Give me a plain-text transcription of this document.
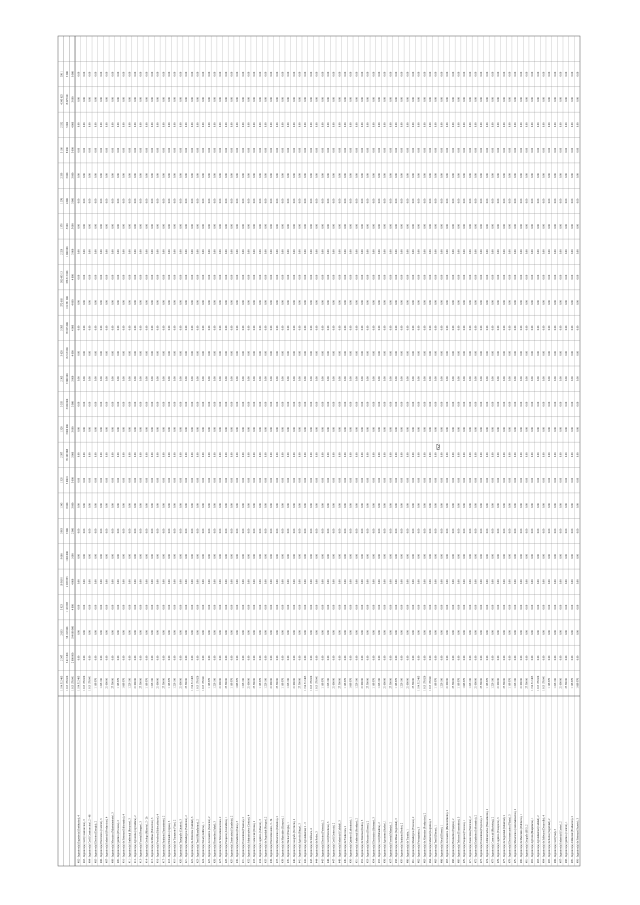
1 194 512 403
2 347
2 633
5 923
18 903 9
9 000
3 893
1 345
1 329
2 387
1 328
3 335
2 305
3 028
3 385
372 005
382 495 13
2 329
1 379
1 376
2 339
3 109
2 332
4 343 025
330 1
1 013 176 020
3 413 490
98 103 000
1 128 983
2 035 893
1 000 000
9 000
8 000
3 000 0
99 209 068
3 000 000
3 000 000
9 000 000
16 313 000
99 095 000
116 381 000
336 513 000
1 000 000
5 000
4 000
3 000
8 000
5 000
18 073 001
9 000
1 013 176 041
2 000 000
194 000 000
4 000
4 000
1 000
2 000
3 000
3 000
3 000
3 000
3 000
3 000
4 000
4 000
4 000
4 000
5 000
5 000
3 000
3 000
3 000
4 000
3 000
0 000
402 - Ingeniero(a) (Ingenieria) (Institucion), 4
1 194 512 403
0.00
0.00
0.00
0.00
0.00
0.00
0.00
0.00
0.00
0.00
0.00
0.00
0.00
0.00
0.00
0.00
0.00
0.00
0.00
0.00
0.00
0.00
0.00
0.00
403 - Ingeniero(a) Civil (Construccion), 3
1 013 176 020
0.00
0.00
0.00
0.00
0.00
0.00
0.00
0.00
0.00
0.00
0.00
0.00
0.00
0.00
0.00
0.00
0.00
0.00
0.00
0.00
0.00
0.00
0.00
0.00
404 - Ingeniero(a) Civil (Construccion), 2 - 46
1 013 176 041
0.00
0.00
0.00
0.00
0.00
0.00
0.00
0.00
0.00
0.00
0.00
0.00
0.00
0.00
0.00
0.00
0.00
0.00
0.00
0.00
0.00
0.00
0.00
0.00
405 - Ingeniero(a) Electrico (Energia), 2
1 108 976
0.00
0.00
0.00
0.00
0.00
0.00
0.00
0.00
0.00
0.00
0.00
0.00
0.00
0.00
0.00
0.00
0.00
0.00
0.00
0.00
0.00
0.00
0.00
0.00
406 - Ingeniero(a) Electronico (Control), 3
1 228 100
0.00
0.00
0.00
0.00
0.00
0.00
0.00
0.00
0.00
0.00
0.00
0.00
0.00
0.00
0.00
0.00
0.00
0.00
0.00
0.00
0.00
0.00
0.00
0.00
407 - Ingeniero(a) Industrial (Produccion), 4
21 000 00
0.00
0.00
0.00
0.00
0.00
0.00
0.00
0.00
0.00
0.00
0.00
0.00
0.00
0.00
0.00
0.00
0.00
0.00
0.00
0.00
0.00
0.00
0.00
0.00
408 - Ingeniero(a) Mecanico (Mantenimiento), 3
27 500 00
0.00
0.00
0.00
0.00
0.00
0.00
0.00
0.00
0.00
0.00
0.00
0.00
0.00
0.00
0.00
0.00
0.00
0.00
0.00
0.00
0.00
0.00
0.00
0.00
409 - Ingeniero(a) Quimico (Procesos), 2
1 108 976
0.00
0.00
0.00
0.00
0.00
0.00
0.00
0.00
0.00
0.00
0.00
0.00
0.00
0.00
0.00
0.00
0.00
0.00
0.00
0.00
0.00
0.00
0.00
0.00
410 - Ingeniero(a) de Sistemas (Informatica), 4
1 008 976
0.00
0.00
0.00
0.00
0.00
0.00
0.00
0.00
0.00
0.00
0.00
0.00
0.00
0.00
0.00
0.00
0.00
0.00
0.00
0.00
0.00
0.00
0.00
0.00
411 - Ingeniero(a) Ambiental (Recursos), 3
1 228 100
0.00
0.00
0.00
0.00
0.00
0.00
0.00
0.00
0.00
0.00
0.00
0.00
0.00
0.00
0.00
0.00
0.00
0.00
0.00
0.00
0.00
0.00
0.00
0.00
412 - Ingeniero(a) Agronomo (Agricultura), 2
21 000 00
0.00
0.00
0.00
0.00
0.00
0.00
0.00
0.00
0.00
0.00
0.00
0.00
0.00
0.00
0.00
0.00
0.00
0.00
0.00
0.00
0.00
0.00
0.00
0.00
413 - Ingeniero(a) Forestal (Bosques), 3
27 500 00
0.00
0.00
0.00
0.00
0.00
0.00
0.00
0.00
0.00
0.00
0.00
0.00
0.00
0.00
0.00
0.00
0.00
0.00
0.00
0.00
0.00
0.00
0.00
0.00
414 - Ingeniero(a) Geologo (Mineria), 2 - 2b
1 108 976
0.00
0.00
0.00
0.00
0.00
0.00
0.00
0.00
0.00
0.00
0.00
0.00
0.00
0.00
0.00
0.00
0.00
0.00
0.00
0.00
0.00
0.00
0.00
0.00
415 - Ingeniero(a) de Minas (Extraccion), 3
1 228 100
0.00
0.00
0.00
0.00
0.00
0.00
0.00
0.00
0.00
0.00
0.00
0.00
0.00
0.00
0.00
0.00
0.00
0.00
0.00
0.00
0.00
0.00
0.00
0.00
416 - Ingeniero(a) Petrolero (Hidrocarburos), 4
21 000 00
0.00
0.00
0.00
0.00
0.00
0.00
0.00
0.00
0.00
0.00
0.00
0.00
0.00
0.00
0.00
0.00
0.00
0.00
0.00
0.00
0.00
0.00
0.00
0.00
417 - Ingeniero(a) Sanitario (Saneamiento), 2
27 500 00
0.00
0.00
0.00
0.00
0.00
0.00
0.00
0.00
0.00
0.00
0.00
0.00
0.00
0.00
0.00
0.00
0.00
0.00
0.00
0.00
0.00
0.00
0.00
0.00
418 - Ingeniero(a) Hidraulico (Aguas), 3
1 108 976
0.00
0.00
0.00
0.00
0.00
0.00
0.00
0.00
0.00
0.00
0.00
0.00
0.00
0.00
0.00
0.00
0.00
0.00
0.00
0.00
0.00
0.00
0.00
0.00
419 - Ingeniero(a) de Transporte (Vias), 2
1 228 100
0.00
0.00
0.00
0.00
0.00
0.00
0.00
0.00
0.00
0.00
0.00
0.00
0.00
0.00
0.00
0.00
0.00
0.00
0.00
0.00
0.00
0.00
0.00
0.00
420 - Ingeniero(a) Topografo (Catastro), 3
21 000 00
0.00
0.00
0.00
0.00
0.00
0.00
0.00
0.00
0.00
0.00
0.00
0.00
0.00
0.00
0.00
0.00
0.00
0.00
0.00
0.00
0.00
0.00
0.00
0.00
421 - Ingeniero(a) Metalurgico (Fundicion), 2
27 500 00
0.00
0.00
0.00
0.00
0.00
0.00
0.00
0.00
0.00
0.00
0.00
0.00
0.00
0.00
0.00
0.00
0.00
0.00
0.00
0.00
0.00
0.00
0.00
0.00
422 - Ingeniero(a) de Alimentos (Calidad), 3
1 194 512 403
0.00
0.00
0.00
0.00
0.00
0.00
0.00
0.00
0.00
0.00
0.00
0.00
0.00
0.00
0.00
0.00
0.00
0.00
0.00
0.00
0.00
0.00
0.00
0.00
423 - Ingeniero(a) Textil (Manufactura), 2
1 013 176 020
0.00
0.00
0.00
0.00
0.00
0.00
0.00
0.00
0.00
0.00
0.00
0.00
0.00
0.00
0.00
0.00
0.00
0.00
0.00
0.00
0.00
0.00
0.00
0.00
424 - Ingeniero(a) Naval (Astilleros), 1
1 013 176 041
0.00
0.00
0.00
0.00
0.00
0.00
0.00
0.00
0.00
0.00
0.00
0.00
0.00
0.00
0.00
0.00
0.00
0.00
0.00
0.00
0.00
0.00
0.00
0.00
425 - Ingeniero(a) Aeronautico (Aviacion), 2
1 108 976
0.00
0.00
0.00
0.00
0.00
0.00
0.00
0.00
0.00
0.00
0.00
0.00
0.00
0.00
0.00
0.00
0.00
0.00
0.00
0.00
0.00
0.00
0.00
0.00
426 - Ingeniero(a) Biomedico (Salud), 3
1 228 100
0.00
0.00
0.00
0.00
0.00
0.00
0.00
0.00
0.00
0.00
0.00
0.00
0.00
0.00
0.00
0.00
0.00
0.00
0.00
0.00
0.00
0.00
0.00
0.00
427 - Ingeniero(a) de Telecomunicaciones, 2
21 000 00
0.00
0.00
0.00
0.00
0.00
0.00
0.00
0.00
0.00
0.00
0.00
0.00
0.00
0.00
0.00
0.00
0.00
0.00
0.00
0.00
0.00
0.00
0.00
0.00
428 - Ingeniero(a) Pesquero (Acuicultura), 1
27 500 00
0.00
0.00
0.00
0.00
0.00
0.00
0.00
0.00
0.00
0.00
0.00
0.00
0.00
0.00
0.00
0.00
0.00
0.00
0.00
0.00
0.00
0.00
0.00
0.00
429 - Ingeniero(a) Zootecnista (Ganaderia), 2
1 108 976
0.00
0.00
0.00
0.00
0.00
0.00
0.00
0.00
0.00
0.00
0.00
0.00
0.00
0.00
0.00
0.00
0.00
0.00
0.00
0.00
0.00
0.00
0.00
0.00
430 - Ingeniero(a) Estadistico (Datos), 3
1 008 976
0.00
0.00
0.00
0.00
0.00
0.00
0.00
0.00
0.00
0.00
0.00
0.00
0.00
0.00
0.00
0.00
0.00
0.00
0.00
0.00
0.00
0.00
0.00
0.00
431 - Ingeniero(a) Economista (Finanzas), 2
1 228 100
0.00
0.00
0.00
0.00
0.00
0.00
0.00
0.00
0.00
0.00
0.00
0.00
0.00
0.00
0.00
0.00
0.00
0.00
0.00
0.00
0.00
0.00
0.00
0.00
432 - Ingeniero(a) Administrativo (Gestion), 4
21 000 00
0.00
0.00
0.00
0.00
0.00
0.00
0.00
0.00
0.00
0.00
0.00
0.00
0.00
0.00
0.00
0.00
0.00
0.00
0.00
0.00
0.00
0.00
0.00
0.00
433 - Ingeniero(a) Comercial (Ventas), 2
27 500 00
0.00
0.00
0.00
0.00
0.00
0.00
0.00
0.00
0.00
0.00
0.00
0.00
0.00
0.00
0.00
0.00
0.00
0.00
0.00
0.00
0.00
0.00
0.00
0.00
434 - Ingeniero(a) Logistico (Almacen), 3
1 108 976
0.00
0.00
0.00
0.00
0.00
0.00
0.00
0.00
0.00
0.00
0.00
0.00
0.00
0.00
0.00
0.00
0.00
0.00
0.00
0.00
0.00
0.00
0.00
0.00
435 - Ingeniero(a) de Seguridad (Riesgos), 2
1 228 100
0.00
0.00
0.00
0.00
0.00
0.00
0.00
0.00
0.00
0.00
0.00
0.00
0.00
0.00
0.00
0.00
0.00
0.00
0.00
0.00
0.00
0.00
0.00
0.00
436 - Ingeniero(a) Electromecanico, 3 - 34
21 000 00
0.00
0.00
0.00
0.00
0.00
0.00
0.00
0.00
0.00
0.00
0.00
0.00
0.00
0.00
0.00
0.00
0.00
0.00
0.00
0.00
0.00
0.00
0.00
0.00
437 - Ingeniero(a) Mecatronico (Robotica), 2
27 500 00
0.00
0.00
0.00
0.00
0.00
0.00
0.00
0.00
0.00
0.00
0.00
0.00
0.00
0.00
0.00
0.00
0.00
0.00
0.00
0.00
0.00
0.00
0.00
0.00
438 - Ingeniero(a) de Materiales (Ensayos), 1
1 108 976
0.00
0.00
0.00
0.00
0.00
0.00
0.00
0.00
0.00
0.00
0.00
0.00
0.00
0.00
0.00
0.00
0.00
0.00
0.00
0.00
0.00
0.00
0.00
0.00
439 - Ingeniero(a) Nuclear (Energia), 1
1 228 100
0.00
0.00
0.00
0.00
0.00
0.00
0.00
0.00
0.00
0.00
0.00
0.00
0.00
0.00
0.00
0.00
0.00
0.00
0.00
0.00
0.00
0.00
0.00
0.00
440 - Ingeniero(a) Geografo (Territorio), 2
21 000 00
0.00
0.00
0.00
0.00
0.00
0.00
0.00
0.00
0.00
0.00
0.00
0.00
0.00
0.00
0.00
0.00
0.00
0.00
0.00
0.00
0.00
0.00
0.00
0.00
441 - Ingeniero(a) Agricola (Riego), 3
27 500 00
0.00
0.00
0.00
0.00
0.00
0.00
0.00
0.00
0.00
0.00
0.00
0.00
0.00
0.00
0.00
0.00
0.00
0.00
0.00
0.00
0.00
0.00
0.00
0.00
442 - Ingeniero(a) Agroindustrial, 2 - 3
1 194 512 403
0.00
0.00
0.00
0.00
0.00
0.00
0.00
0.00
0.00
0.00
0.00
0.00
0.00
0.00
0.00
0.00
0.00
0.00
0.00
0.00
0.00
0.00
0.00
0.00
443 - Ingeniero(a) de Software, 4
1 013 176 020
0.00
0.00
0.00
0.00
0.00
0.00
0.00
0.00
0.00
0.00
0.00
0.00
0.00
0.00
0.00
0.00
0.00
0.00
0.00
0.00
0.00
0.00
0.00
0.00
444 - Ingeniero(a) de Redes, 3
1 013 176 041
0.00
0.00
0.00
0.00
0.00
0.00
0.00
0.00
0.00
0.00
0.00
0.00
0.00
0.00
0.00
0.00
0.00
0.00
0.00
0.00
0.00
0.00
0.00
0.00
445 - Ingeniero(a) Electrico (Potencia), 2
1 108 976
0.00
0.00
0.00
0.00
0.00
0.00
0.00
0.00
0.00
0.00
0.00
0.00
0.00
0.00
0.00
0.00
0.00
0.00
0.00
0.00
0.00
0.00
0.00
0.00
446 - Ingeniero(a) Civil (Estructuras), 3
1 228 100
0.00
0.00
0.00
0.00
0.00
0.00
0.00
0.00
0.00
0.00
0.00
0.00
0.00
0.00
0.00
0.00
0.00
0.00
0.00
0.00
0.00
0.00
0.00
0.00
447 - Ingeniero(a) Civil (Geotecnia), 2
21 000 00
0.00
0.00
0.00
0.00
0.00
0.00
0.00
0.00
0.00
0.00
0.00
0.00
0.00
0.00
0.00
0.00
0.00
0.00
0.00
0.00
0.00
0.00
0.00
0.00
448 - Ingeniero(a) Industrial (Calidad), 3
27 500 00
0.00
0.00
0.00
0.00
0.00
0.00
0.00
0.00
0.00
0.00
0.00
0.00
0.00
0.00
0.00
0.00
0.00
0.00
0.00
0.00
0.00
0.00
0.00
0.00
449 - Ingeniero(a) de Produccion, 2
1 108 976
0.00
0.00
0.00
0.00
0.00
0.00
0.00
0.00
0.00
0.00
0.00
0.00
0.00
0.00
0.00
0.00
0.00
0.00
0.00
0.00
0.00
0.00
0.00
0.00
450 - Ingeniero(a) Quimico (Laboratorio), 1
1 008 976
0.00
0.00
0.00
0.00
0.00
0.00
0.00
0.00
0.00
0.00
0.00
0.00
0.00
0.00
0.00
0.00
0.00
0.00
0.00
0.00
0.00
0.00
0.00
0.00
451 - Ingeniero(a) Ambiental (Residuos), 2
1 228 100
0.00
0.00
0.00
0.00
0.00
0.00
0.00
0.00
0.00
0.00
0.00
0.00
0.00
0.00
0.00
0.00
0.00
0.00
0.00
0.00
0.00
0.00
0.00
0.00
452 - Ingeniero(a) de Sistemas (Redes), 3
21 000 00
0.00
0.00
0.00
0.00
0.00
0.00
0.00
0.00
0.00
0.00
0.00
0.00
0.00
0.00
0.00
0.00
0.00
0.00
0.00
0.00
0.00
0.00
0.00
0.00
453 - Ingeniero(a) Mecanico (Diseno), 2
27 500 00
0.00
0.00
0.00
0.00
0.00
0.00
0.00
0.00
0.00
0.00
0.00
0.00
0.00
0.00
0.00
0.00
0.00
0.00
0.00
0.00
0.00
0.00
0.00
0.00
454 - Ingeniero(a) Electronico (Sistemas), 3
1 108 976
0.00
0.00
0.00
0.00
0.00
0.00
0.00
0.00
0.00
0.00
0.00
0.00
0.00
0.00
0.00
0.00
0.00
0.00
0.00
0.00
0.00
0.00
0.00
0.00
455 - Ingeniero(a) Civil (Hidraulica), 2
1 228 100
0.00
0.00
0.00
0.00
0.00
0.00
0.00
0.00
0.00
0.00
0.00
0.00
0.00
0.00
0.00
0.00
0.00
0.00
0.00
0.00
0.00
0.00
0.00
0.00
456 - Ingeniero(a) Agronomo (Suelos), 1
21 000 00
0.00
0.00
0.00
0.00
0.00
0.00
0.00
0.00
0.00
0.00
0.00
0.00
0.00
0.00
0.00
0.00
0.00
0.00
0.00
0.00
0.00
0.00
0.00
0.00
457 - Ingeniero(a) Forestal (Manejo), 2
27 500 00
0.00
0.00
0.00
0.00
0.00
0.00
0.00
0.00
0.00
0.00
0.00
0.00
0.00
0.00
0.00
0.00
0.00
0.00
0.00
0.00
0.00
0.00
0.00
0.00
458 - Ingeniero(a) de Minas (Seguridad), 3
1 108 976
0.00
0.00
0.00
0.00
0.00
0.00
0.00
0.00
0.00
0.00
0.00
0.00
0.00
0.00
0.00
0.00
0.00
0.00
0.00
0.00
0.00
0.00
0.00
0.00
459 - Ingeniero(a) Sanitario (Redes), 2
1 228 100
0.00
0.00
0.00
0.00
0.00
0.00
0.00
0.00
0.00
0.00
0.00
0.00
0.00
0.00
0.00
0.00
0.00
0.00
0.00
0.00
0.00
0.00
0.00
0.00
460 - Ingeniero(a) de Transito, 1
21 000 00
0.00
0.00
0.00
0.00
0.00
0.00
0.00
0.00
0.00
0.00
0.00
0.00
0.00
0.00
0.00
0.00
0.00
0.00
0.00
0.00
0.00
0.00
0.00
0.00
461 - Ingeniero(a) Metalurgico (Procesos), 2
27 500 00
0.00
0.00
0.00
0.00
0.00
0.00
0.00
0.00
0.00
0.00
0.00
0.00
0.00
0.00
0.00
0.00
0.00
0.00
0.00
0.00
0.00
0.00
0.00
0.00
462 - Ingeniero(a) Petroquimico, 3
1 194 512 403
0.00
0.00
0.00
0.00
0.00
0.00
0.00
0.00
0.00
0.00
0.00
0.00
0.00
0.00
0.00
0.00
0.00
0.00
0.00
0.00
0.00
0.00
0.00
0.00
463 - Ingeniero(a) de Alimentos (Produccion), 2
1 013 176 020
0.00
0.00
0.00
0.00
0.00
0.00
0.00
0.00
0.00
0.00
0.00
0.00
0.00
0.00
0.00
0.00
0.00
0.00
0.00
0.00
0.00
0.00
0.00
0.00
464 - Ingeniero(a) Industrial (Logistica), 3
1 013 176 041
0.00
0.00
0.00
0.00
0.00
0.00
0.00
0.00
0.00
0.00
0.00
0.00
0.00
0.00
0.00
0.00
0.00
0.00
0.00
0.00
0.00
0.00
0.00
0.00
465 - Ingeniero(a) Textil (Diseno), 1
1 108 976
0.00
0.00
0.00
0.00
0.00
0.00
0.00
0.00
0.00
0.00
0.00
0.00
0.00
0.00
0.00
0.00
0.00
0.00
0.00
0.00
0.00
0.00
0.00
0.00
466 - Ingeniero(a) Naval (Diseno), 1
1 228 100
0.00
0.00
0.00
0.00
0.00
0.00
0.00
0.00
0.00
0.00
0.00
0.00
0.00
0.00
0.00
0.00
0.00
0.00
0.00
0.00
0.00
0.00
0.00
0.00
467 - Ingeniero(a) Aeronautico (Mantenimiento), 2
21 000 00
0.00
0.00
0.00
0.00
0.00
0.00
0.00
0.00
0.00
0.00
0.00
0.00
0.00
0.00
0.00
0.00
0.00
0.00
0.00
0.00
0.00
0.00
0.00
0.00
468 - Ingeniero(a) Biomedico (Equipos), 2
27 500 00
0.00
0.00
0.00
0.00
0.00
0.00
0.00
0.00
0.00
0.00
0.00
0.00
0.00
0.00
0.00
0.00
0.00
0.00
0.00
0.00
0.00
0.00
0.00
0.00
469 - Ingeniero(a) Telecom (Transmision), 3
1 108 976
0.00
0.00
0.00
0.00
0.00
0.00
0.00
0.00
0.00
0.00
0.00
0.00
0.00
0.00
0.00
0.00
0.00
0.00
0.00
0.00
0.00
0.00
0.00
0.00
470 - Ingeniero(a) Pesquero (Procesos), 1
1 008 976
0.00
0.00
0.00
0.00
0.00
0.00
0.00
0.00
0.00
0.00
0.00
0.00
0.00
0.00
0.00
0.00
0.00
0.00
0.00
0.00
0.00
0.00
0.00
0.00
471 - Ingeniero(a) Zootecnista (Nutricion), 2
1 228 100
0.00
0.00
0.00
0.00
0.00
0.00
0.00
0.00
0.00
0.00
0.00
0.00
0.00
0.00
0.00
0.00
0.00
0.00
0.00
0.00
0.00
0.00
0.00
0.00
472 - Ingeniero(a) Estadistico (Informatica), 2
21 000 00
0.00
0.00
0.00
0.00
0.00
0.00
0.00
0.00
0.00
0.00
0.00
0.00
0.00
0.00
0.00
0.00
0.00
0.00
0.00
0.00
0.00
0.00
0.00
0.00
473 - Ingeniero(a) Economista (Proyectos), 3
27 500 00
0.00
0.00
0.00
0.00
0.00
0.00
0.00
0.00
0.00
0.00
0.00
0.00
0.00
0.00
0.00
0.00
0.00
0.00
0.00
0.00
0.00
0.00
0.00
0.00
474 - Ingeniero(a) Administrativo (Planeamiento), 2
1 108 976
0.00
0.00
0.00
0.00
0.00
0.00
0.00
0.00
0.00
0.00
0.00
0.00
0.00
0.00
0.00
0.00
0.00
0.00
0.00
0.00
0.00
0.00
0.00
0.00
475 - Ingeniero(a) Comercial (Marketing), 2
1 228 100
0.00
0.00
0.00
0.00
0.00
0.00
0.00
0.00
0.00
0.00
0.00
0.00
0.00
0.00
0.00
0.00
0.00
0.00
0.00
0.00
0.00
0.00
0.00
0.00
476 - Ingeniero(a) Logistico (Transporte), 3
21 000 00
0.00
0.00
0.00
0.00
0.00
0.00
0.00
0.00
0.00
0.00
0.00
0.00
0.00
0.00
0.00
0.00
0.00
0.00
0.00
0.00
0.00
0.00
0.00
0.00
477 - Ingeniero(a) de Seguridad (Industrial), 2
27 500 00
0.00
0.00
0.00
0.00
0.00
0.00
0.00
0.00
0.00
0.00
0.00
0.00
0.00
0.00
0.00
0.00
0.00
0.00
0.00
0.00
0.00
0.00
0.00
0.00
478 - Ingeniero(a) Electromecanico (Planta), 3
1 108 976
0.00
0.00
0.00
0.00
0.00
0.00
0.00
0.00
0.00
0.00
0.00
0.00
0.00
0.00
0.00
0.00
0.00
0.00
0.00
0.00
0.00
0.00
0.00
0.00
479 - Ingeniero(a) Mecatronico (Automatizacion), 2
1 228 100
0.00
0.00
0.00
0.00
0.00
0.00
0.00
0.00
0.00
0.00
0.00
0.00
0.00
0.00
0.00
0.00
0.00
0.00
0.00
0.00
0.00
0.00
0.00
0.00
480 - Ingeniero(a) de Materiales (Polimeros), 1
21 000 00
0.00
0.00
0.00
0.00
0.00
0.00
0.00
0.00
0.00
0.00
0.00
0.00
0.00
0.00
0.00
0.00
0.00
0.00
0.00
0.00
0.00
0.00
0.00
0.00
481 - Ingeniero(a) Geografo (SIG), 2
27 500 00
0.00
0.00
0.00
0.00
0.00
0.00
0.00
0.00
0.00
0.00
0.00
0.00
0.00
0.00
0.00
0.00
0.00
0.00
0.00
0.00
0.00
0.00
0.00
0.00
482 - Ingeniero(a) Agricola (Maquinaria), 1
1 194 512 403
0.00
0.00
0.00
0.00
0.00
0.00
0.00
0.00
0.00
0.00
0.00
0.00
0.00
0.00
0.00
0.00
0.00
0.00
0.00
0.00
0.00
0.00
0.00
0.00
483 - Ingeniero(a) Agroindustrial (Calidad), 2
1 013 176 020
0.00
0.00
0.00
0.00
0.00
0.00
0.00
0.00
0.00
0.00
0.00
0.00
0.00
0.00
0.00
0.00
0.00
0.00
0.00
0.00
0.00
0.00
0.00
0.00
484 - Ingeniero(a) de Software (Desarrollo), 4
1 013 176 041
0.00
0.00
0.00
0.00
0.00
0.00
0.00
0.00
0.00
0.00
0.00
0.00
0.00
0.00
0.00
0.00
0.00
0.00
0.00
0.00
0.00
0.00
0.00
0.00
485 - Ingeniero(a) de Redes (Seguridad), 2
1 108 976
0.00
0.00
0.00
0.00
0.00
0.00
0.00
0.00
0.00
0.00
0.00
0.00
0.00
0.00
0.00
0.00
0.00
0.00
0.00
0.00
0.00
0.00
0.00
0.00
486 - Ingeniero(a) Civil (Vial), 3
1 228 100
0.00
0.00
0.00
0.00
0.00
0.00
0.00
0.00
0.00
0.00
0.00
0.00
0.00
0.00
0.00
0.00
0.00
0.00
0.00
0.00
0.00
0.00
0.00
0.00
487 - Ingeniero(a) Industrial (Costos), 2
21 000 00
0.00
0.00
0.00
0.00
0.00
0.00
0.00
0.00
0.00
0.00
0.00
0.00
0.00
0.00
0.00
0.00
0.00
0.00
0.00
0.00
0.00
0.00
0.00
0.00
488 - Ingeniero(a) Quimico (Control), 1
27 500 00
0.00
0.00
0.00
0.00
0.00
0.00
0.00
0.00
0.00
0.00
0.00
0.00
0.00
0.00
0.00
0.00
0.00
0.00
0.00
0.00
0.00
0.00
0.00
0.00
489 - Ingeniero(a) Ambiental (Evaluacion), 2
1 108 976
0.00
0.00
0.00
0.00
0.00
0.00
0.00
0.00
0.00
0.00
0.00
0.00
0.00
0.00
0.00
0.00
0.00
0.00
0.00
0.00
0.00
0.00
0.00
0.00
490 - Ingeniero(a) de Sistemas (Soporte), 3
1 008 976
0.00
0.00
0.00
0.00
0.00
0.00
0.00
0.00
0.00
0.00
0.00
0.00
0.00
0.00
0.00
0.00
0.00
0.00
0.00
0.00
0.00
0.00
0.00
0.00
62
